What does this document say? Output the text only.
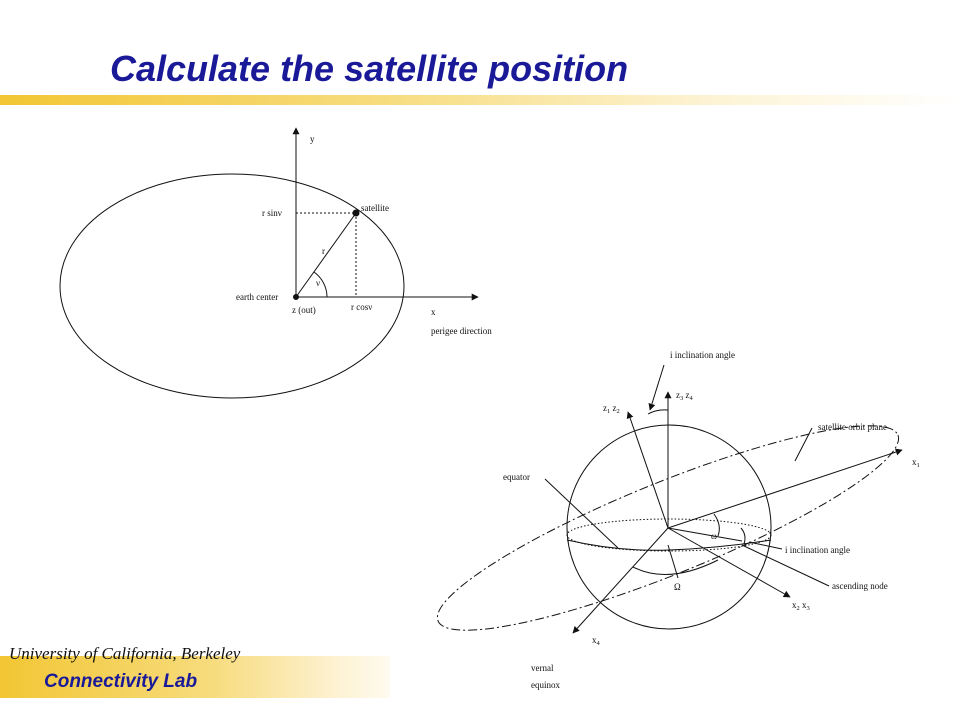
Calculate the satellite position
y
satellite
r sinν
r
ν
earth center
z (out)	r cosν	x
perigee direction
i inclination angle
$z_3$ $z_4$
$z_1$ $z_2$
satellite orbit plane
$x_1$
equator
ω
i inclination angle
Ω	ascending node
$x_2$ $x_3$
$x_4$
vernal
equinox
University of California, Berkeley
Connectivity Lab
